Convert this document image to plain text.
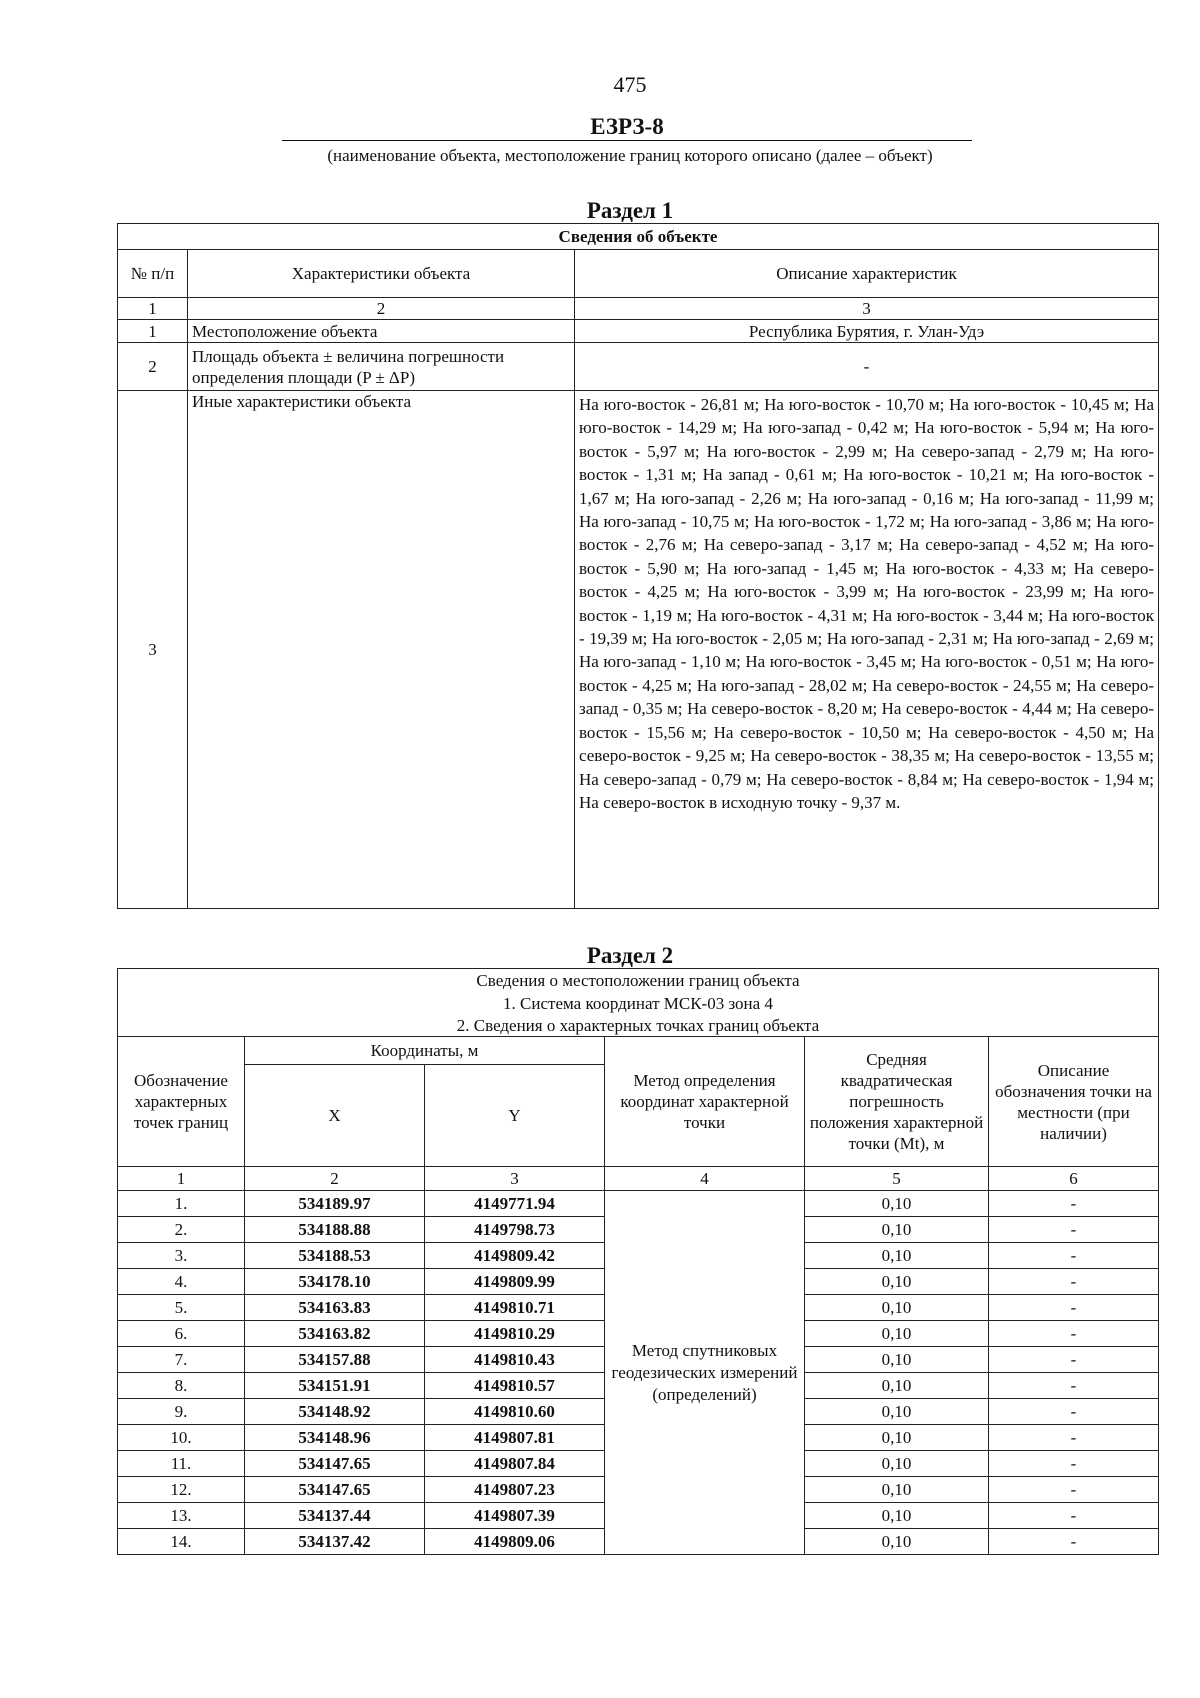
475
ЕЗРЗ-8
(наименование объекта, местоположение границ которого описано (далее – объект)
Раздел 1
Сведения об объекте		
№ п/п	Характеристики объекта	Описание характеристик
1	2	3
1	Местоположение объекта	Республика Бурятия, г. Улан-Удэ
2	Площадь объекта ± величина погрешности определения площади (P ± ΔP)	-
3	Иные характеристики объекта	На юго-восток - 26,81 м; На юго-восток - 10,70 м; На юго-восток - 10,45 м; На юго-восток - 14,29 м; На юго-запад - 0,42 м; На юго-восток - 5,94 м; На юго-восток - 5,97 м; На юго-восток - 2,99 м; На северо-запад - 2,79 м; На юго-восток - 1,31 м; На запад - 0,61 м; На юго-восток - 10,21 м; На юго-восток - 1,67 м; На юго-запад - 2,26 м; На юго-запад - 0,16 м; На юго-запад - 11,99 м; На юго-запад - 10,75 м; На юго-восток - 1,72 м; На юго-запад - 3,86 м; На юго-восток - 2,76 м; На северо-запад - 3,17 м; На северо-запад - 4,52 м; На юго-восток - 5,90 м; На юго-запад - 1,45 м; На юго-восток - 4,33 м; На северо-восток - 4,25 м; На юго-восток - 3,99 м; На юго-восток - 23,99 м; На юго-восток - 1,19 м; На юго-восток - 4,31 м; На юго-восток - 3,44 м; На юго-восток - 19,39 м; На юго-восток - 2,05 м; На юго-запад - 2,31 м; На юго-запад - 2,69 м; На юго-запад - 1,10 м; На юго-восток - 3,45 м; На юго-восток - 0,51 м; На юго-восток - 4,25 м; На юго-запад - 28,02 м; На северо-восток - 24,55 м; На северо-запад - 0,35 м; На северо-восток - 8,20 м; На северо-восток - 4,44 м; На северо-восток - 15,56 м; На северо-восток - 10,50 м; На северо-восток - 4,50 м; На северо-восток - 9,25 м; На северо-восток - 38,35 м; На северо-восток - 13,55 м; На северо-запад - 0,79 м; На северо-восток - 8,84 м; На северо-восток - 1,94 м; На северо-восток в исходную точку - 9,37 м.
Раздел 2
Сведения о местоположении границ объекта					
1. Система координат МСК-03 зона 4					
2. Сведения о характерных точках границ объекта					
Обозначение характерных точек границ	Координаты, м		Метод определения координат характерной точки	Средняя квадратическая погрешность положения характерной точки (Mt), м	Описание обозначения точки на местности (при наличии)
	X	Y			
1	2	3	4	5	6
1.	534189.97	4149771.94	Метод спутниковых геодезических измерений (определений)	0,10	-
2.	534188.88	4149798.73		0,10	-
3.	534188.53	4149809.42		0,10	-
4.	534178.10	4149809.99		0,10	-
5.	534163.83	4149810.71		0,10	-
6.	534163.82	4149810.29		0,10	-
7.	534157.88	4149810.43		0,10	-
8.	534151.91	4149810.57		0,10	-
9.	534148.92	4149810.60		0,10	-
10.	534148.96	4149807.81		0,10	-
11.	534147.65	4149807.84		0,10	-
12.	534147.65	4149807.23		0,10	-
13.	534137.44	4149807.39		0,10	-
14.	534137.42	4149809.06		0,10	-
